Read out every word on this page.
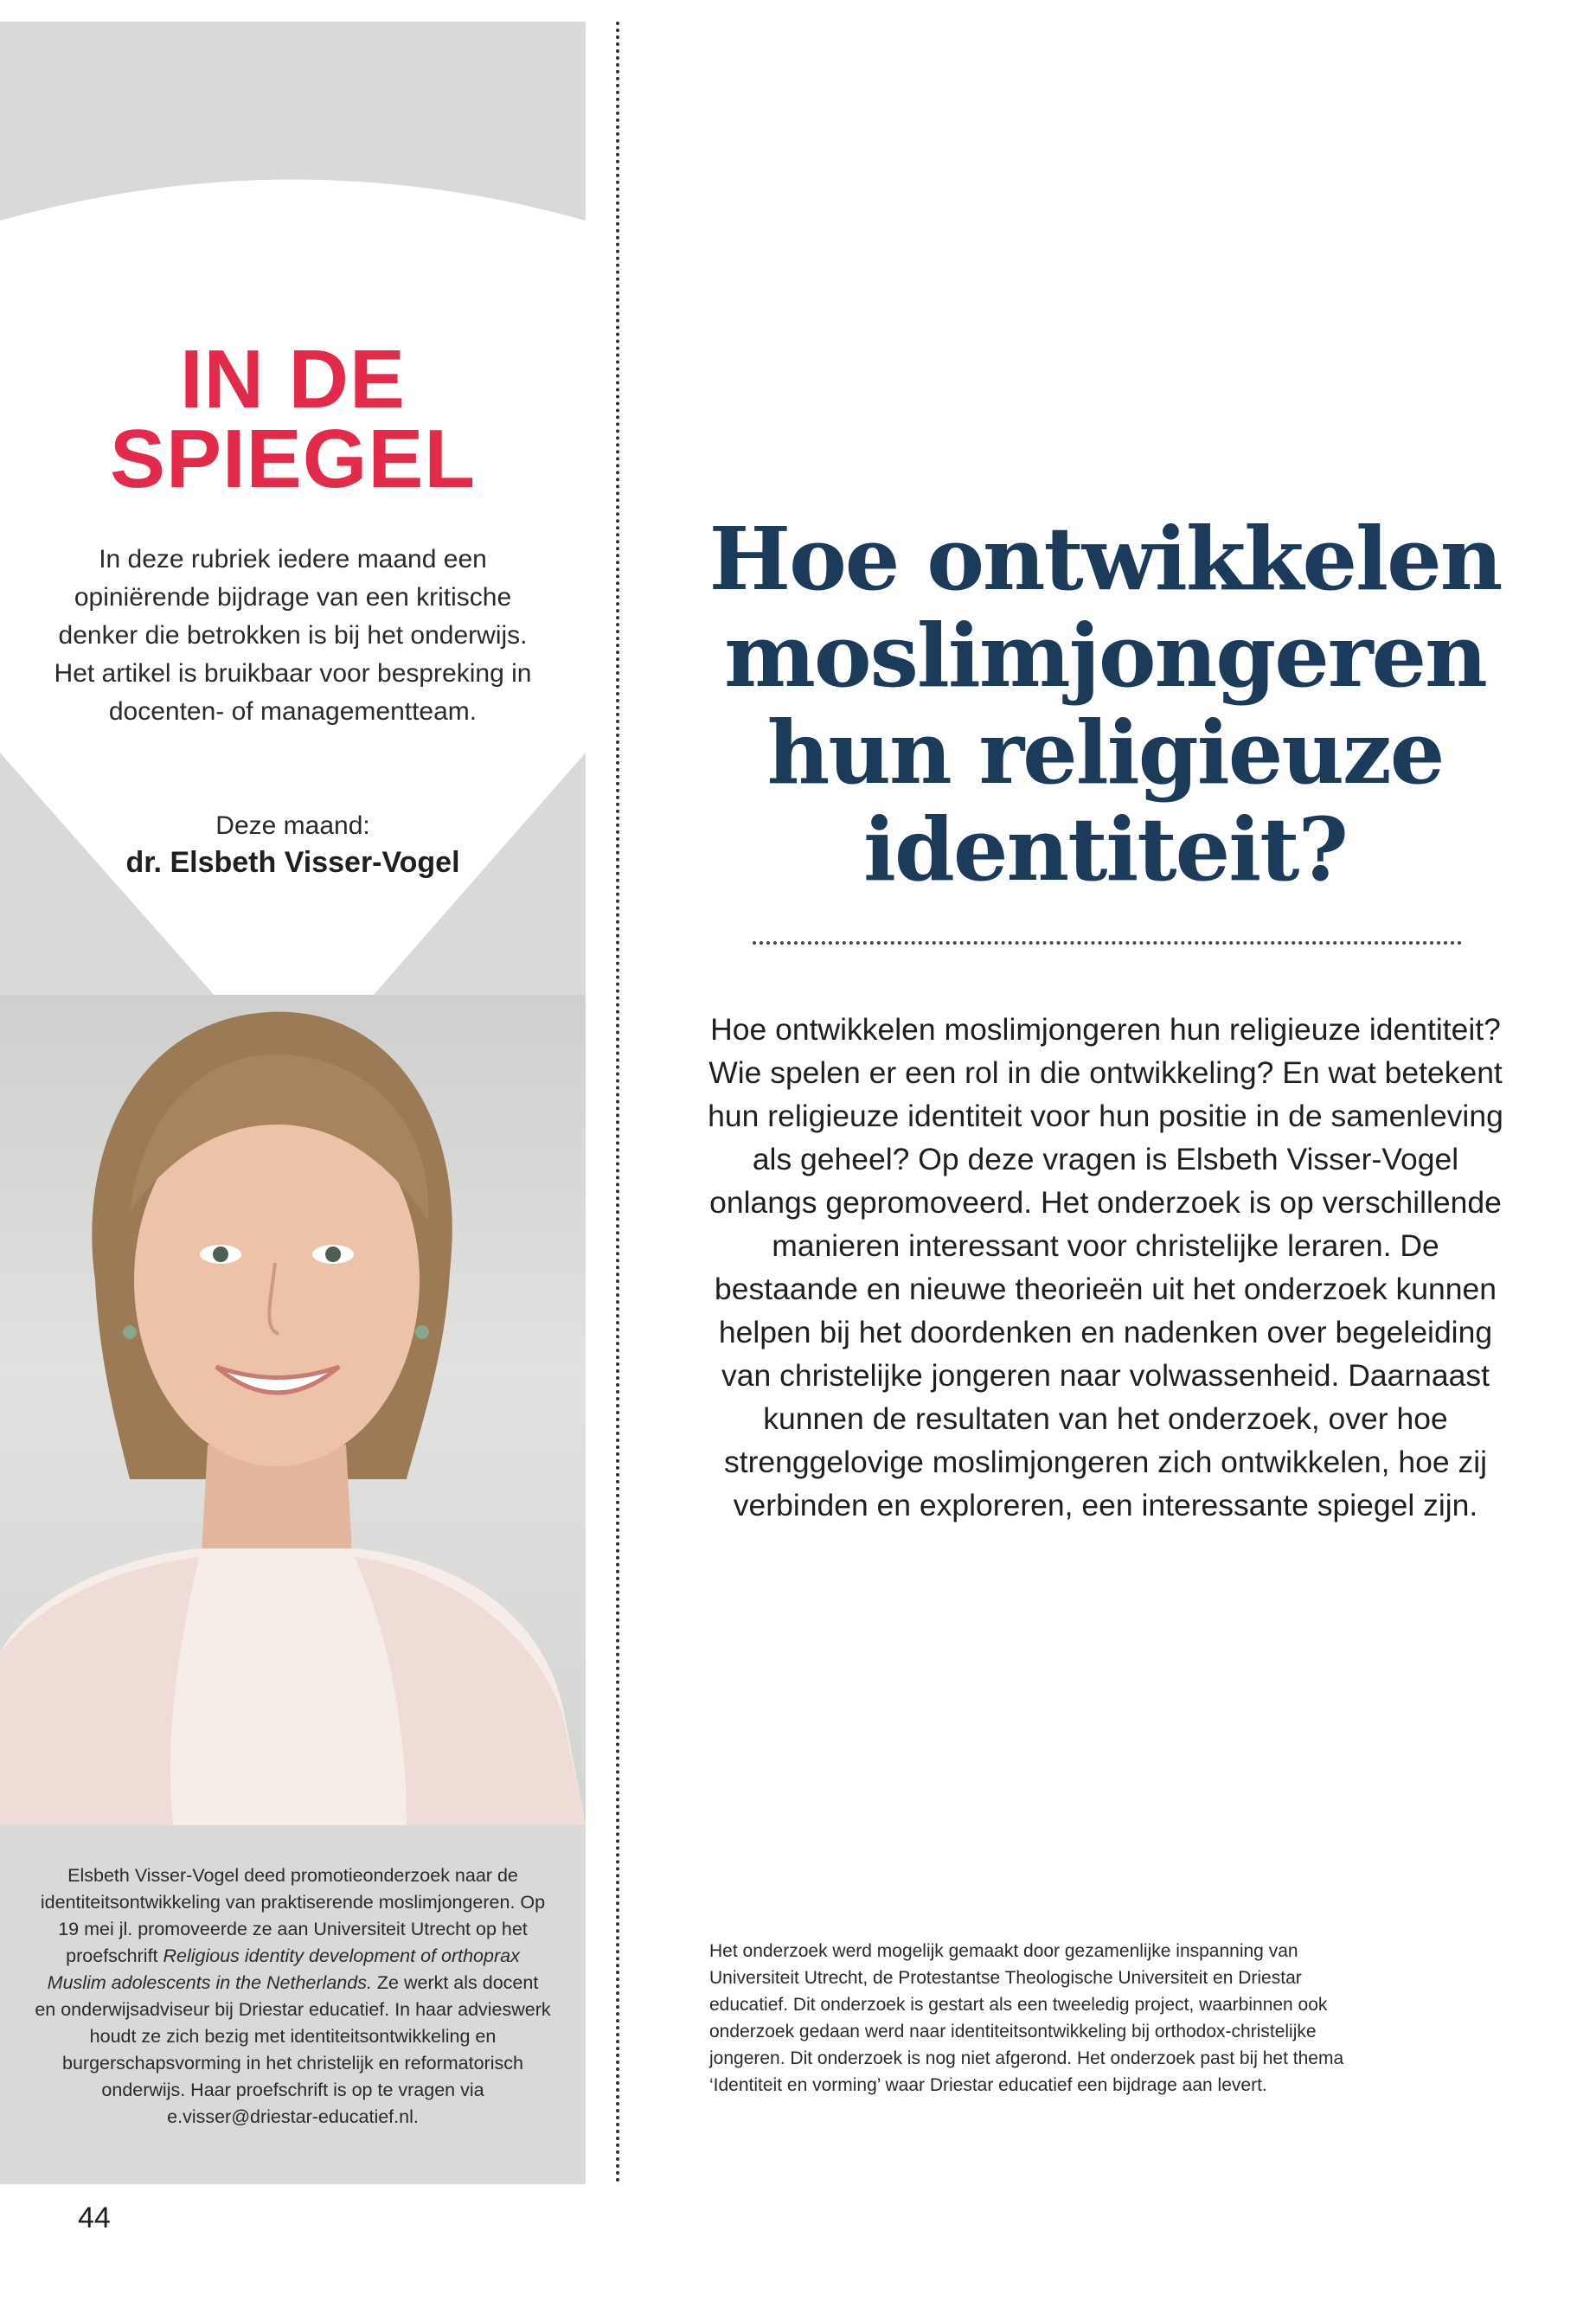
IN DE
SPIEGEL

In deze rubriek iedere maand een opiniërende bijdrage van een kritische denker die betrokken is bij het onderwijs. Het artikel is bruikbaar voor bespreking in docenten- of managementteam.

Deze maand:

dr. Elsbeth Visser-Vogel

Elsbeth Visser-Vogel deed promotieonderzoek naar de identiteitsontwikkeling van praktiserende moslimjongeren. Op 19 mei jl. promoveerde ze aan Universiteit Utrecht op het proefschrift Religious identity development of orthoprax Muslim adolescents in the Netherlands. Ze werkt als docent en onderwijsadviseur bij Driestar educatief. In haar advieswerk houdt ze zich bezig met identiteitsontwikkeling en burgerschapsvorming in het christelijk en reformatorisch onderwijs. Haar proefschrift is op te vragen via e.visser@driestar-educatief.nl.

44

Hoe ontwikkelen moslimjongeren hun religieuze identiteit?

Hoe ontwikkelen moslimjongeren hun religieuze identiteit? Wie spelen er een rol in die ontwikkeling? En wat betekent hun religieuze identiteit voor hun positie in de samenleving als geheel? Op deze vragen is Elsbeth Visser-Vogel onlangs gepromoveerd. Het onderzoek is op verschillende manieren interessant voor christelijke leraren. De bestaande en nieuwe theorieën uit het onderzoek kunnen helpen bij het doordenken en nadenken over begeleiding van christelijke jongeren naar volwassenheid. Daarnaast kunnen de resultaten van het onderzoek, over hoe strenggelovige moslimjongeren zich ontwikkelen, hoe zij verbinden en exploreren, een interessante spiegel zijn.

Het onderzoek werd mogelijk gemaakt door gezamenlijke inspanning van Universiteit Utrecht, de Protestantse Theologische Universiteit en Driestar educatief. Dit onderzoek is gestart als een tweeledig project, waarbinnen ook onderzoek gedaan werd naar identiteitsontwikkeling bij orthodox-christelijke jongeren. Dit onderzoek is nog niet afgerond. Het onderzoek past bij het thema ‘Identiteit en vorming’ waar Driestar educatief een bijdrage aan levert.
